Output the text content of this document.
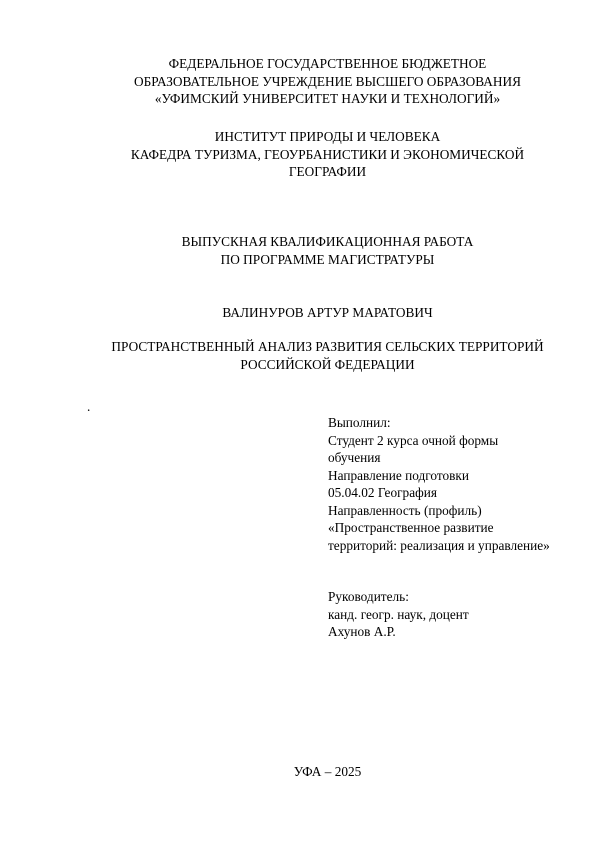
ФЕДЕРАЛЬНОЕ ГОСУДАРСТВЕННОЕ БЮДЖЕТНОЕ
ОБРАЗОВАТЕЛЬНОЕ УЧРЕЖДЕНИЕ ВЫСШЕГО ОБРАЗОВАНИЯ
«УФИМСКИЙ УНИВЕРСИТЕТ НАУКИ И ТЕХНОЛОГИЙ»
ИНСТИТУТ ПРИРОДЫ И ЧЕЛОВЕКА
КАФЕДРА ТУРИЗМА, ГЕОУРБАНИСТИКИ И ЭКОНОМИЧЕСКОЙ
ГЕОГРАФИИ
ВЫПУСКНАЯ КВАЛИФИКАЦИОННАЯ РАБОТА
ПО ПРОГРАММЕ МАГИСТРАТУРЫ
ВАЛИНУРОВ АРТУР МАРАТОВИЧ
ПРОСТРАНСТВЕННЫЙ АНАЛИЗ РАЗВИТИЯ СЕЛЬСКИХ ТЕРРИТОРИЙ
РОССИЙСКОЙ ФЕДЕРАЦИИ
.
Выполнил:
Студент 2 курса очной формы
обучения
Направление подготовки
05.04.02 География
Направленность (профиль)
«Пространственное развитие
территорий: реализация и управление»
Руководитель:
канд. геогр. наук, доцент
Ахунов А.Р.
УФА – 2025
